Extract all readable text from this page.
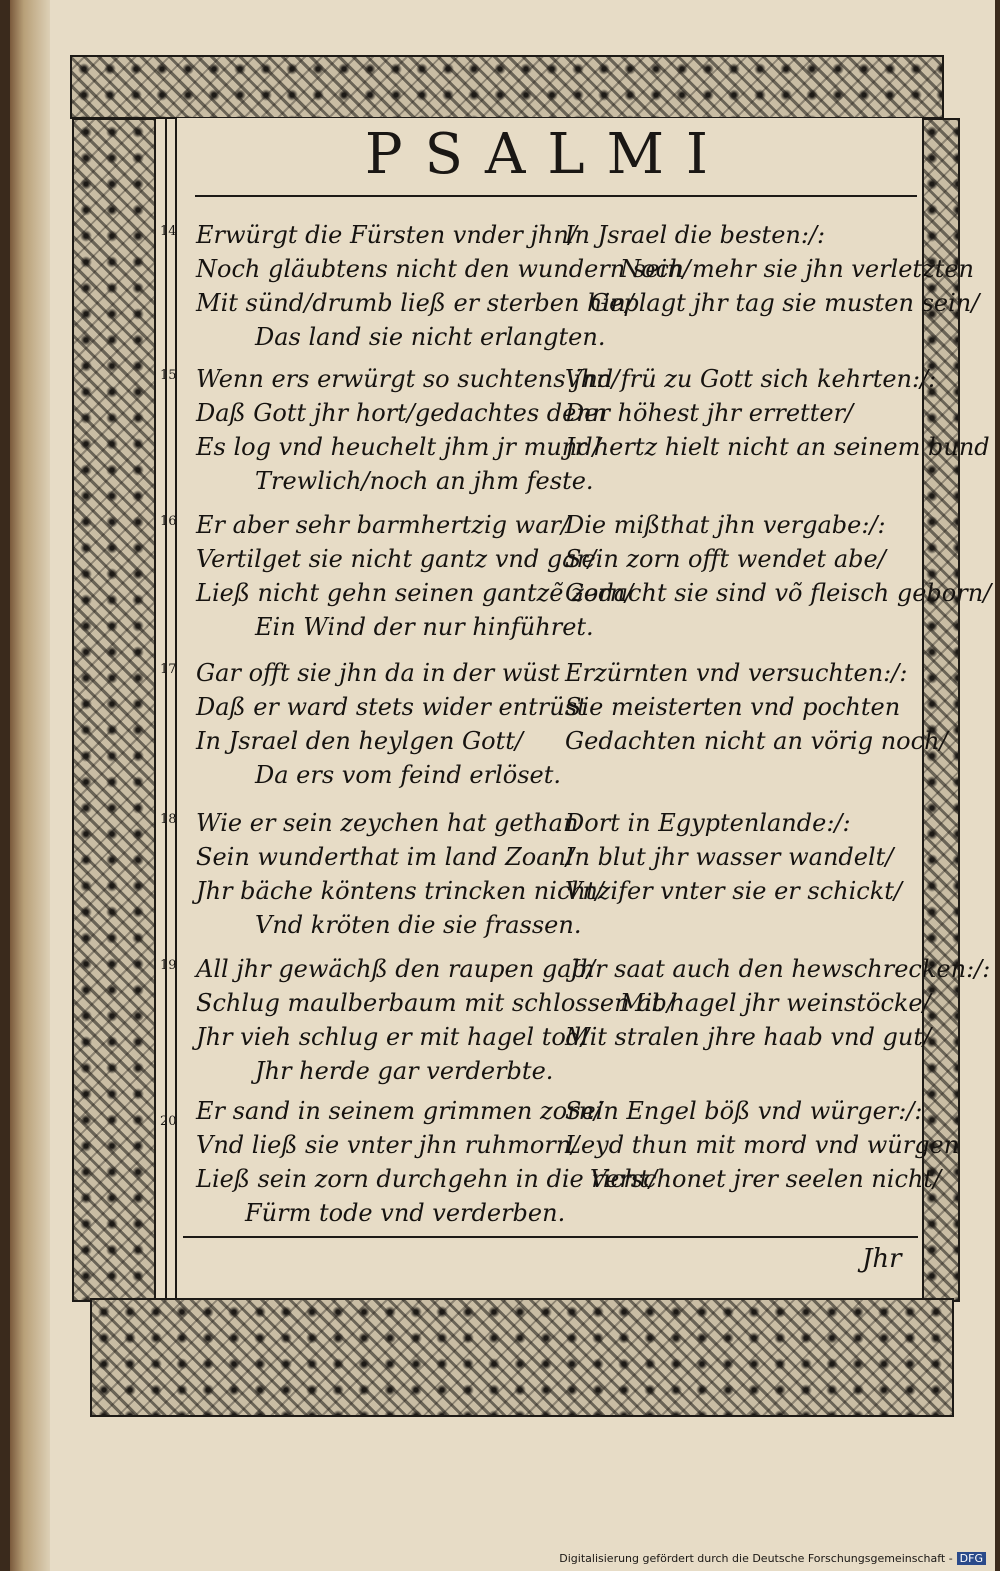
PSALMI
14 Erwürgt die Fürsten vnder jhn/
In Jsrael die besten:/:
Noch gläubtens nicht den wundern sein/
Noch mehr sie jhn verletzten
Mit sünd/drumb ließ er sterben hin/
Geplagt jhr tag sie musten sein/
Das land sie nicht erlangten.
15 Wenn ers erwürgt so suchtens jhn/
Vnd frü zu Gott sich kehrten:/:
Daß Gott jhr hort/gedachtes denn
Der höhest jhr erretter/
Es log vnd heuchelt jhm jr mund/
Jr hertz hielt nicht an seinem bund
Trewlich/noch an jhm feste.
16 Er aber sehr barmhertzig war/
Die mißthat jhn vergabe:/:
Vertilget sie nicht gantz vnd gar/
Sein zorn offt wendet abe/
Ließ nicht gehn seinen gantzẽ zorn/
Gedacht sie sind võ fleisch geborn/
Ein Wind der nur hinführet.
17 Gar offt sie jhn da in der wüst Erzürnten vnd versuchten:/:
Daß er ward stets wider entrüst
Sie meisterten vnd pochten
In Jsrael den heylgen Gott/ Gedachten nicht an vörig noch/
Da ers vom feind erlöset.
18 Wie er sein zeychen hat gethan
Dort in Egyptenlande:/:
Sein wunderthat im land Zoan/
In blut jhr wasser wandelt/
Jhr bäche köntens trincken nicht/
Vnzifer vnter sie er schickt/
Vnd kröten die sie frassen.
19 All jhr gewächß den raupen gab/
Jhr saat auch den hewschrecken:/:
Schlug maulberbaum mit schlossen ab/
Mit hagel jhr weinstöcke/
Jhr vieh schlug er mit hagel tod/
Mit stralen jhre haab vnd gut/
Jhr herde gar verderbte.
20 Er sand in seinem grimmen zorn/
Sein Engel böß vnd würger:/:
Vnd ließ sie vnter jhn ruhmorn/
Leyd thun mit mord vnd würgen
Ließ sein zorn durchgehn in die richt/
Verschonet jrer seelen nicht/
Fürm tode vnd verderben.
Jhr
Digitalisierung gefördert durch die Deutsche Forschungsgemeinschaft - DFG
